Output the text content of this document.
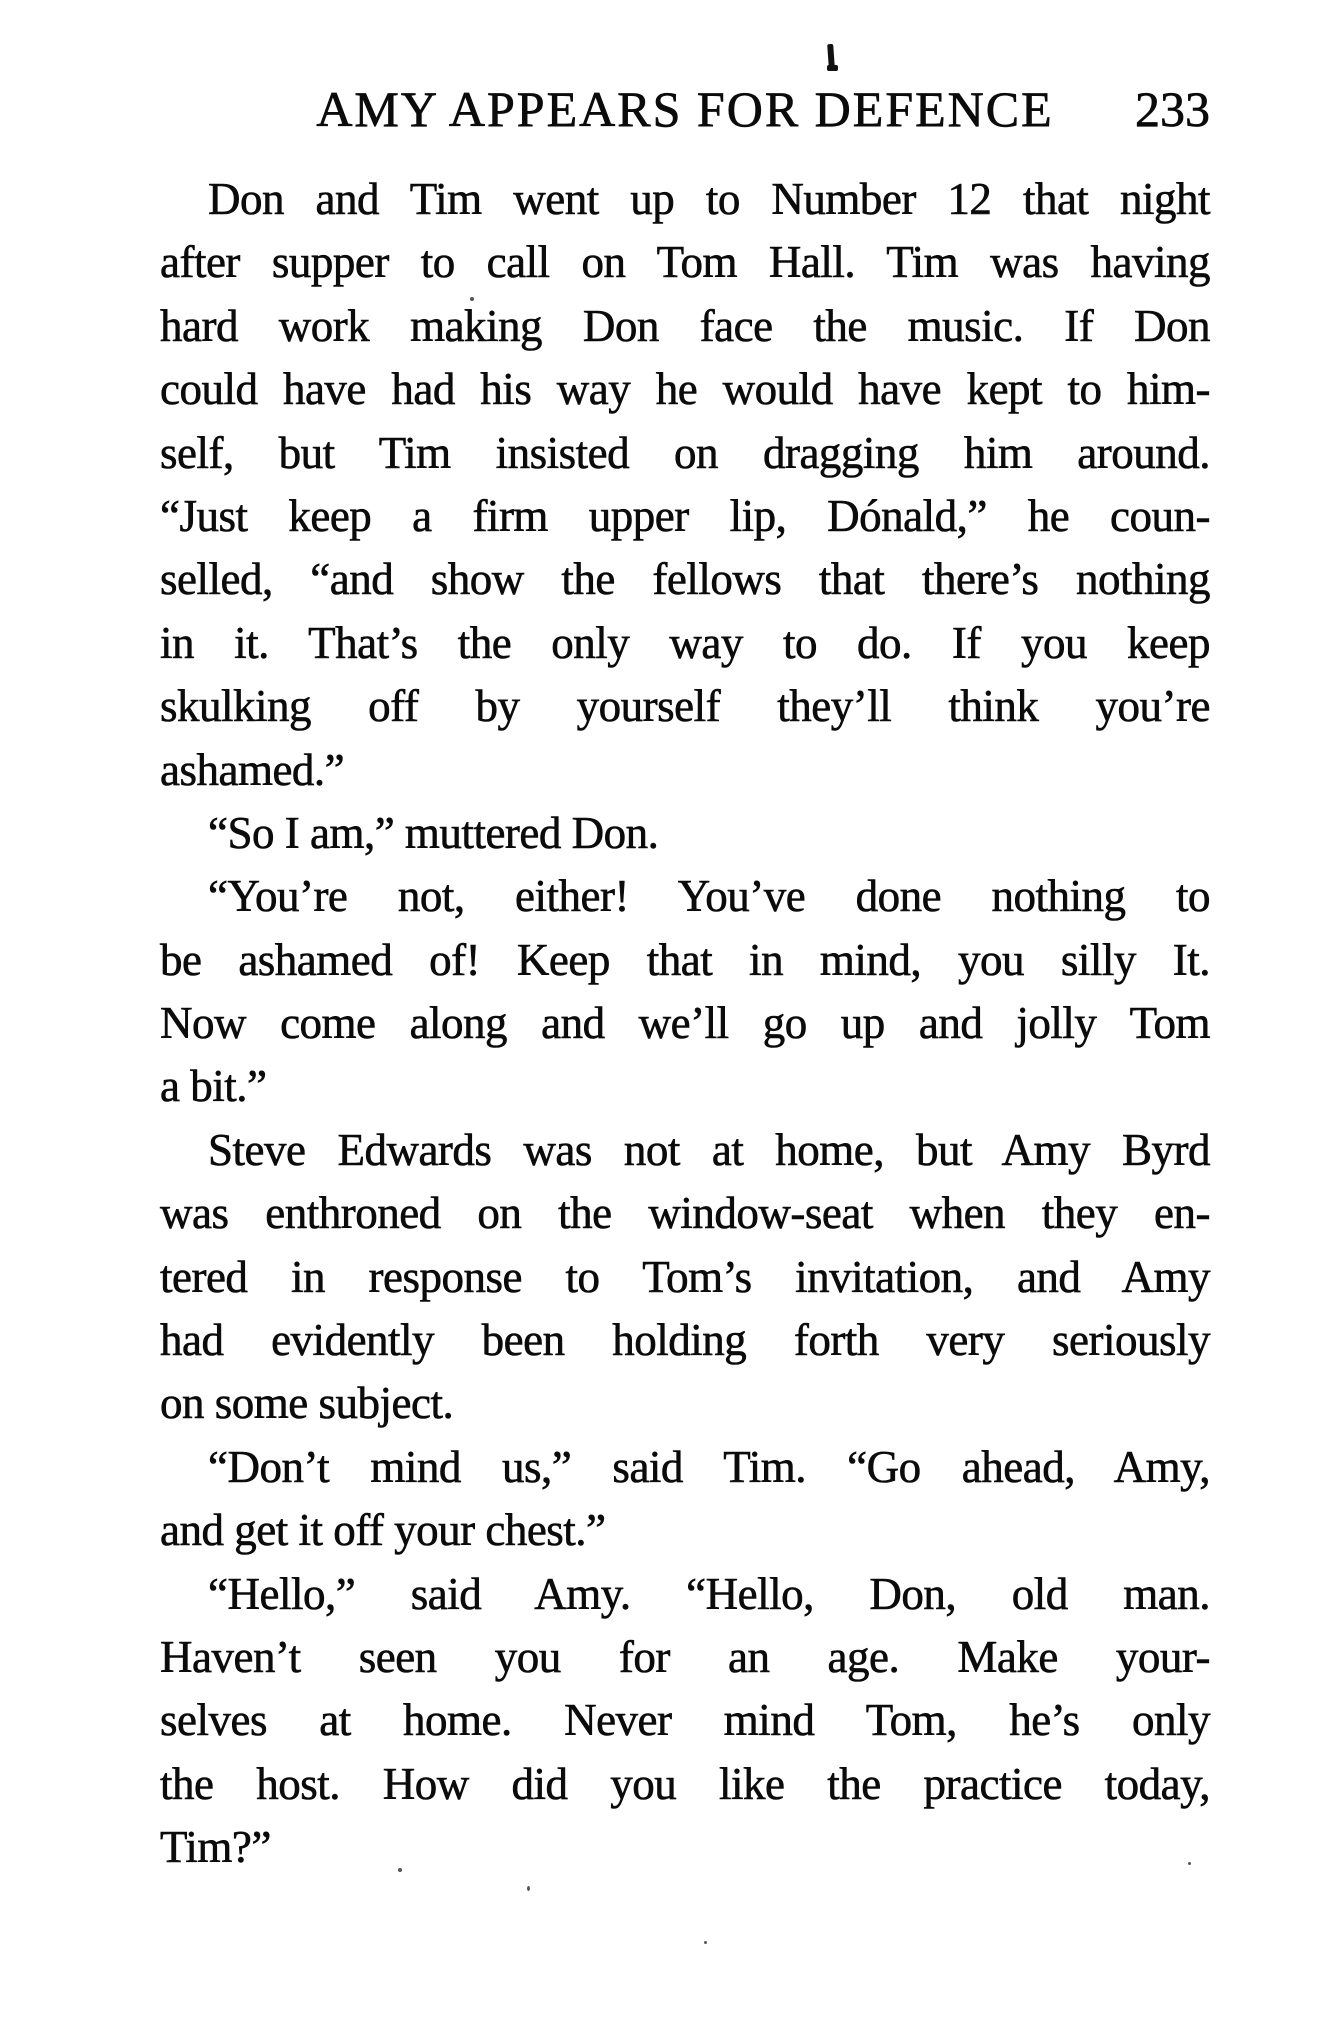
AMY APPEARS FOR DEFENCE 233
Don and Tim went up to Number 12 that night
after supper to call on Tom Hall. Tim was having
hard work making Don face the music. If Don
could have had his way he would have kept to him-
self, but Tim insisted on dragging him around.
“Just keep a firm upper lip, Dónald,” he coun-
selled, “and show the fellows that there’s nothing
in it. That’s the only way to do. If you keep
skulking off by yourself they’ll think you’re
ashamed.”
“So I am,” muttered Don.
“You’re not, either! You’ve done nothing to
be ashamed of! Keep that in mind, you silly It.
Now come along and we’ll go up and jolly Tom
a bit.”
Steve Edwards was not at home, but Amy Byrd
was enthroned on the window-seat when they en-
tered in response to Tom’s invitation, and Amy
had evidently been holding forth very seriously
on some subject.
“Don’t mind us,” said Tim. “Go ahead, Amy,
and get it off your chest.”
“Hello,” said Amy. “Hello, Don, old man.
Haven’t seen you for an age. Make your-
selves at home. Never mind Tom, he’s only
the host. How did you like the practice today,
Tim?”
